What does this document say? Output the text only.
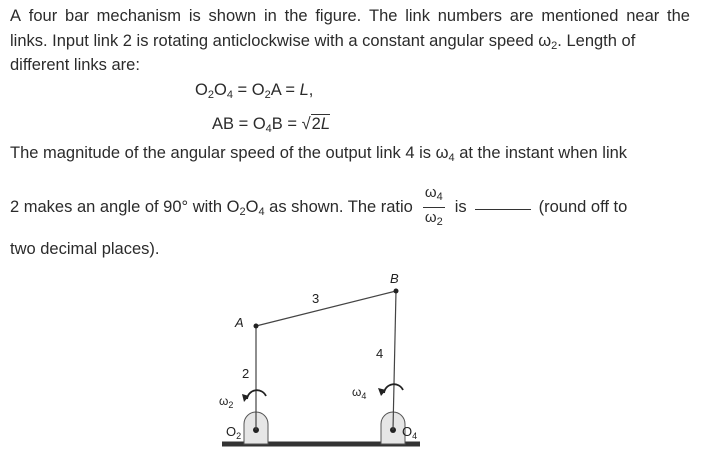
A four bar mechanism is shown in the figure. The link numbers are mentioned near the
links. Input link 2 is rotating anticlockwise with a constant angular speed $\omega_2$. Length of
different links are:
$O_2O_4 = O_2A = L$,
AB = $O_4B = √2L$
The magnitude of the angular speed of the output link 4 is $\omega_4$ at the instant when link
2 makes an angle of 90° with $O_2O_4$ as shown. The ratio $\frac{\omega_4}{\omega_2}$ is	(round off to
two decimal places).
A
B
3
2
4
$\omega_2$
$\omega_4$
$O_2$	$O_4$
